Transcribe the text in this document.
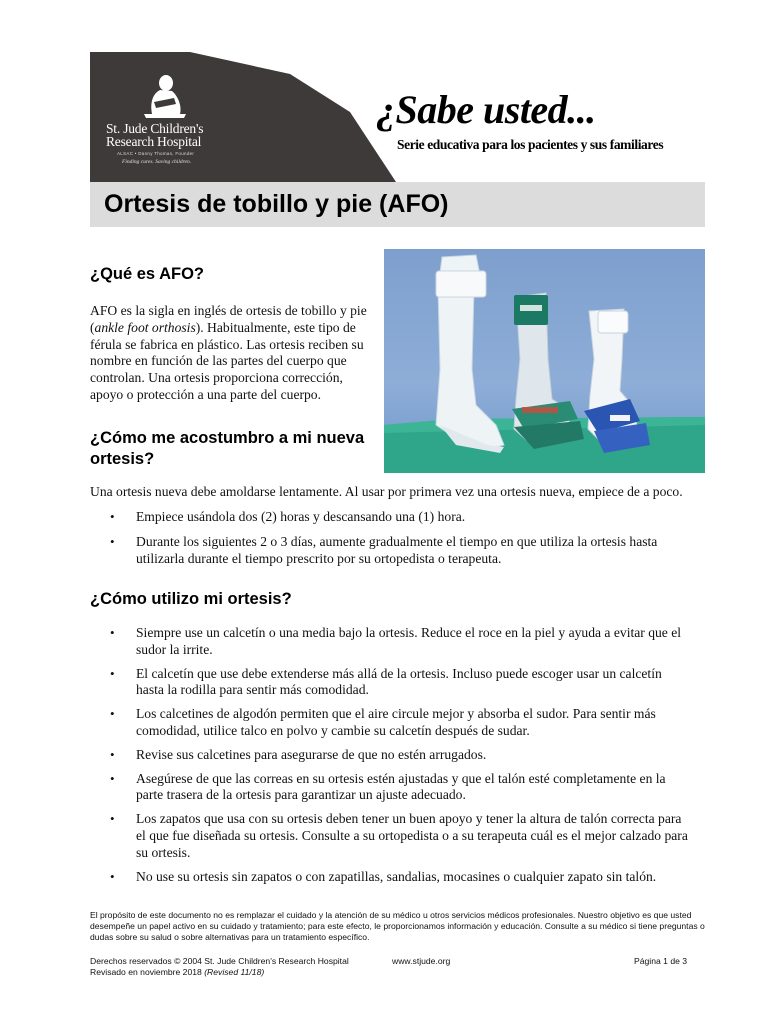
St. Jude Children's
Research Hospital
ALSAC • Danny Thomas, Founder
Finding cures. Saving children.
¿Sabe usted...
Serie educativa para los pacientes y sus familiares
Ortesis de tobillo y pie (AFO)
¿Qué es AFO?

AFO es la sigla en inglés de ortesis de tobillo y pie (ankle foot orthosis). Habitualmente, este tipo de férula se fabrica en plástico. Las ortesis reciben su nombre en función de las partes del cuerpo que controlan. Una ortesis proporciona corrección, apoyo o protección a una parte del cuerpo.

¿Cómo me acostumbro a mi nueva ortesis?

Una ortesis nueva debe amoldarse lentamente. Al usar por primera vez una ortesis nueva, empiece de a poco.

• Empiece usándola dos (2) horas y descansando una (1) hora.
• Durante los siguientes 2 o 3 días, aumente gradualmente el tiempo en que utiliza la ortesis hasta utilizarla durante el tiempo prescrito por su ortopedista o terapeuta.
¿Cómo utilizo mi ortesis?
• Siempre use un calcetín o una media bajo la ortesis. Reduce el roce en la piel y ayuda a evitar que el sudor la irrite.
• El calcetín que use debe extenderse más allá de la ortesis. Incluso puede escoger usar un calcetín hasta la rodilla para sentir más comodidad.
• Los calcetines de algodón permiten que el aire circule mejor y absorba el sudor. Para sentir más comodidad, utilice talco en polvo y cambie su calcetín después de sudar.
• Revise sus calcetines para asegurarse de que no estén arrugados.
• Asegúrese de que las correas en su ortesis estén ajustadas y que el talón esté completamente en la parte trasera de la ortesis para garantizar un ajuste adecuado.
• Los zapatos que usa con su ortesis deben tener un buen apoyo y tener la altura de talón correcta para el que fue diseñada su ortesis. Consulte a su ortopedista o a su terapeuta cuál es el mejor calzado para su ortesis.
• No use su ortesis sin zapatos o con zapatillas, sandalias, mocasines o cualquier zapato sin talón.

El propósito de este documento no es remplazar el cuidado y la atención de su médico u otros servicios médicos profesionales. Nuestro objetivo es que usted desempeñe un papel activo en su cuidado y tratamiento; para este efecto, le proporcionamos información y educación. Consulte a su médico si tiene preguntas o dudas sobre su salud o sobre alternativas para un tratamiento específico.

Derechos reservados © 2004 St. Jude Children's Research Hospital	www.stjude.org	Página 1 de 3
Revisado en noviembre 2018 (Revised 11/18)
